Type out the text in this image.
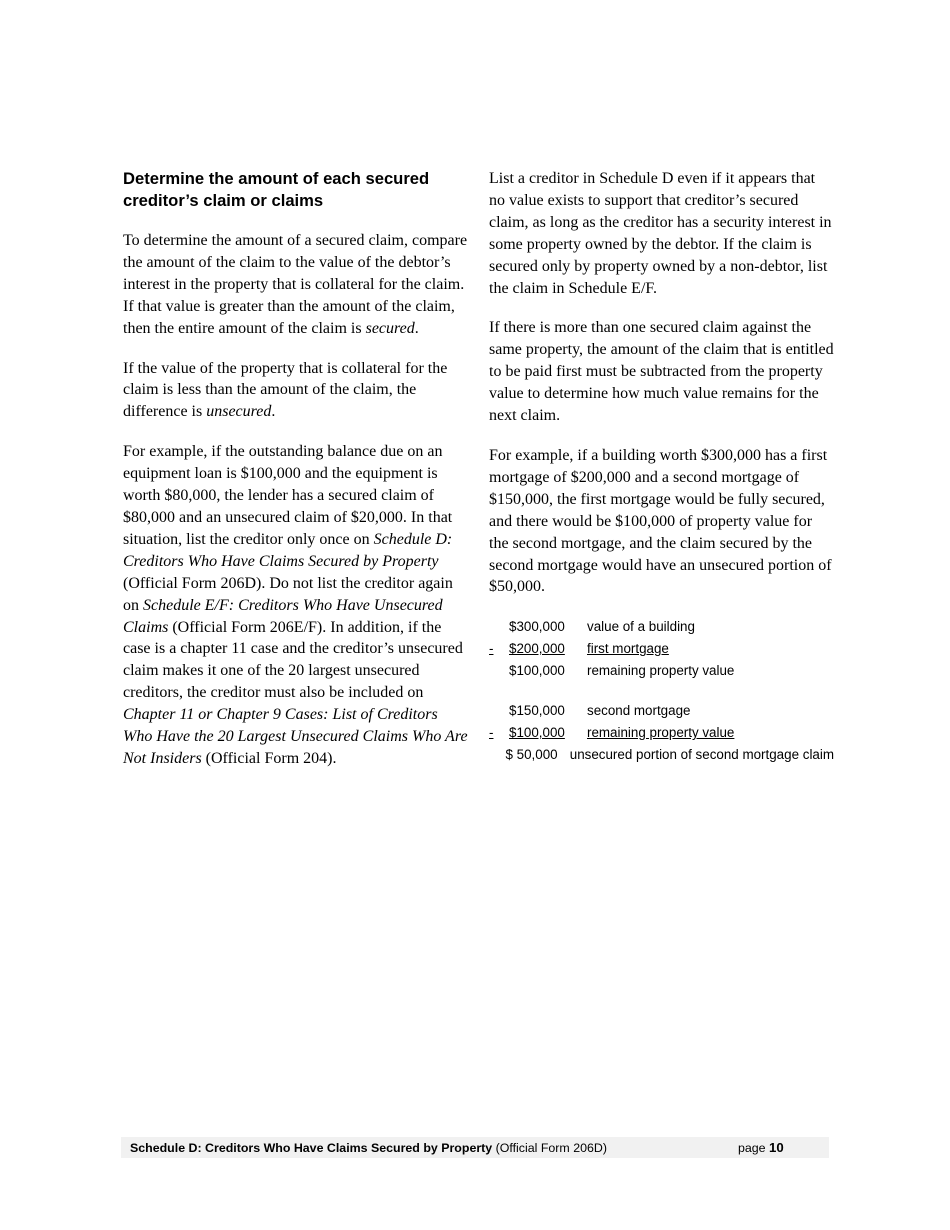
Determine the amount of each secured creditor’s claim or claims

To determine the amount of a secured claim, compare the amount of the claim to the value of the debtor’s interest in the property that is collateral for the claim. If that value is greater than the amount of the claim, then the entire amount of the claim is secured.

If the value of the property that is collateral for the claim is less than the amount of the claim, the difference is unsecured.

For example, if the outstanding balance due on an equipment loan is $100,000 and the equipment is worth $80,000, the lender has a secured claim of $80,000 and an unsecured claim of $20,000. In that situation, list the creditor only once on Schedule D: Creditors Who Have Claims Secured by Property (Official Form 206D). Do not list the creditor again on Schedule E/F: Creditors Who Have Unsecured Claims (Official Form 206E/F). In addition, if the case is a chapter 11 case and the creditor’s unsecured claim makes it one of the 20 largest unsecured creditors, the creditor must also be included on Chapter 11 or Chapter 9 Cases: List of Creditors Who Have the 20 Largest Unsecured Claims Who Are Not Insiders (Official Form 204).

List a creditor in Schedule D even if it appears that no value exists to support that creditor’s secured claim, as long as the creditor has a security interest in some property owned by the debtor. If the claim is secured only by property owned by a non-debtor, list the claim in Schedule E/F.

If there is more than one secured claim against the same property, the amount of the claim that is entitled to be paid first must be subtracted from the property value to determine how much value remains for the next claim.

For example, if a building worth $300,000 has a first mortgage of $200,000 and a second mortgage of $150,000, the first mortgage would be fully secured, and there would be $100,000 of property value for the second mortgage, and the claim secured by the second mortgage would have an unsecured portion of $50,000.

$300,000	value of a building
-	$200,000	first mortgage
$100,000	remaining property value
$150,000	second mortgage
-	$100,000	remaining property value
$ 50,000 unsecured portion of second mortgage claim
Schedule D: Creditors Who Have Claims Secured by Property (Official Form 206D)	page 10
